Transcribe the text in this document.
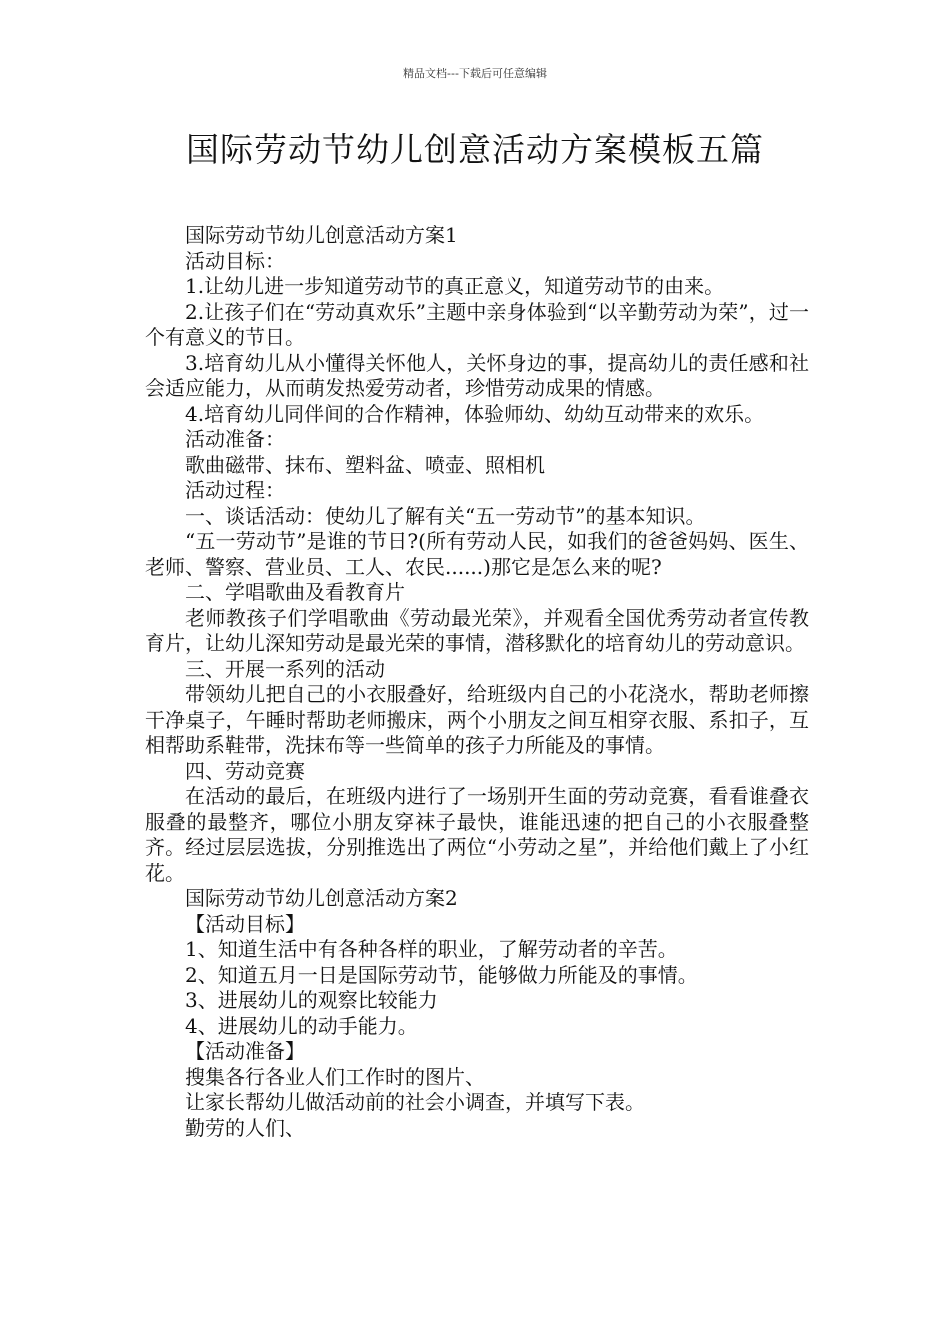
精品文档---下载后可任意编辑
国际劳动节幼儿创意活动方案模板五篇

国际劳动节幼儿创意活动方案1

活动目标：

1.让幼儿进一步知道劳动节的真正意义，知道劳动节的由来。

2.让孩子们在“劳动真欢乐”主题中亲身体验到“以辛勤劳动为荣”，过一个有意义的节日。

3.培育幼儿从小懂得关怀他人，关怀身边的事，提高幼儿的责任感和社会适应能力，从而萌发热爱劳动者，珍惜劳动成果的情感。

4.培育幼儿同伴间的合作精神，体验师幼、幼幼互动带来的欢乐。

活动准备：

歌曲磁带、抹布、塑料盆、喷壶、照相机

活动过程：

一、谈话活动：使幼儿了解有关“五一劳动节”的基本知识。

“五一劳动节”是谁的节日?(所有劳动人民，如我们的爸爸妈妈、医生、老师、警察、营业员、工人、农民......)那它是怎么来的呢?

二、学唱歌曲及看教育片

老师教孩子们学唱歌曲《劳动最光荣》，并观看全国优秀劳动者宣传教育片，让幼儿深知劳动是最光荣的事情，潜移默化的培育幼儿的劳动意识。

三、开展一系列的活动

带领幼儿把自己的小衣服叠好，给班级内自己的小花浇水，帮助老师擦干净桌子，午睡时帮助老师搬床，两个小朋友之间互相穿衣服、系扣子，互相帮助系鞋带，洗抹布等一些简单的孩子力所能及的事情。

四、劳动竞赛

在活动的最后，在班级内进行了一场别开生面的劳动竞赛，看看谁叠衣服叠的最整齐，哪位小朋友穿袜子最快，谁能迅速的把自己的小衣服叠整齐。经过层层选拔，分别推选出了两位“小劳动之星”，并给他们戴上了小红花。

国际劳动节幼儿创意活动方案2

【活动目标】

1、知道生活中有各种各样的职业，了解劳动者的辛苦。

2、知道五月一日是国际劳动节，能够做力所能及的事情。

3、进展幼儿的观察比较能力

4、进展幼儿的动手能力。

【活动准备】

搜集各行各业人们工作时的图片、

让家长帮幼儿做活动前的社会小调查，并填写下表。

勤劳的人们、
